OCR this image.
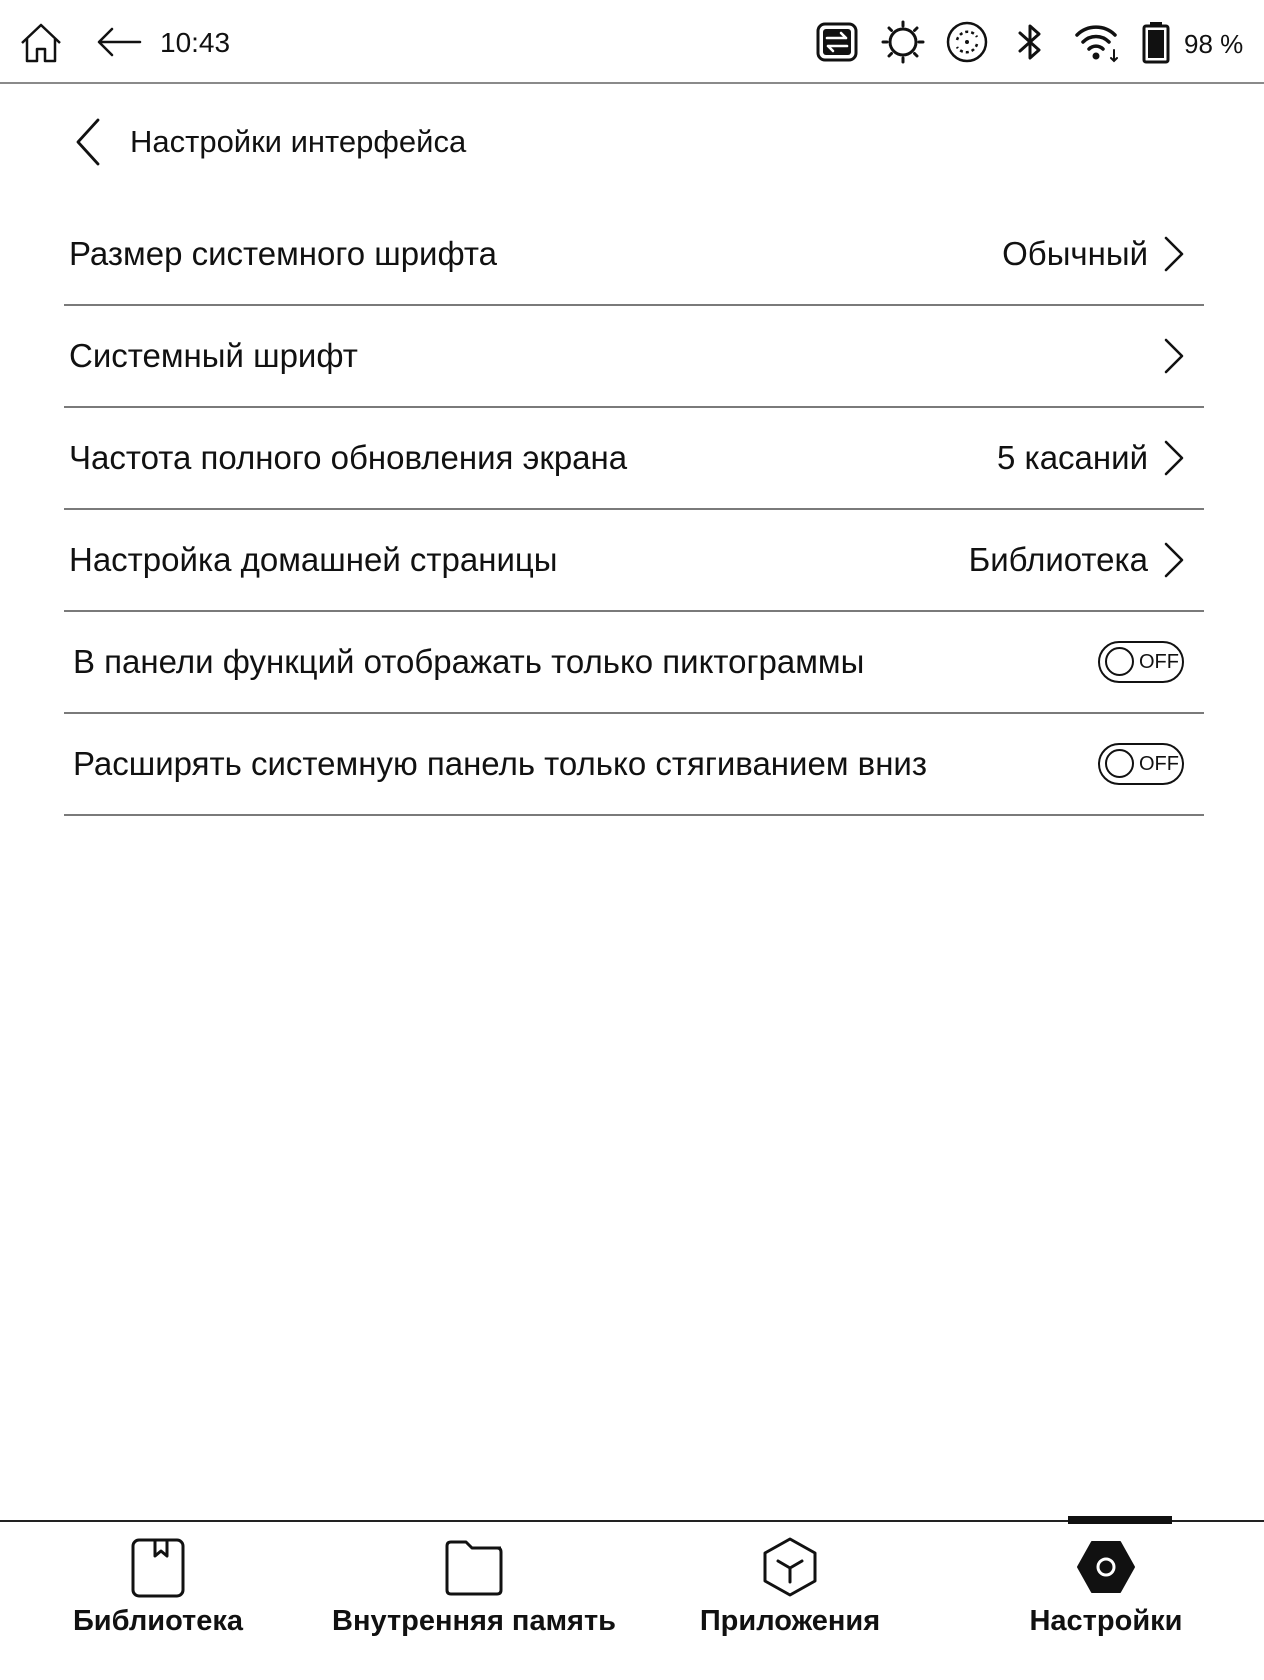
10:43	98 %
Настройки интерфейса
Размер системного шрифта	Обычный
Системный шрифт
Частота полного обновления экрана	5 касаний
Настройка домашней страницы	Библиотека
В панели функций отображать только пиктограммы	OFF
Расширять системную панель только стягиванием вниз	OFF
Библиотека	Внутренняя память	Приложения	Настройки
